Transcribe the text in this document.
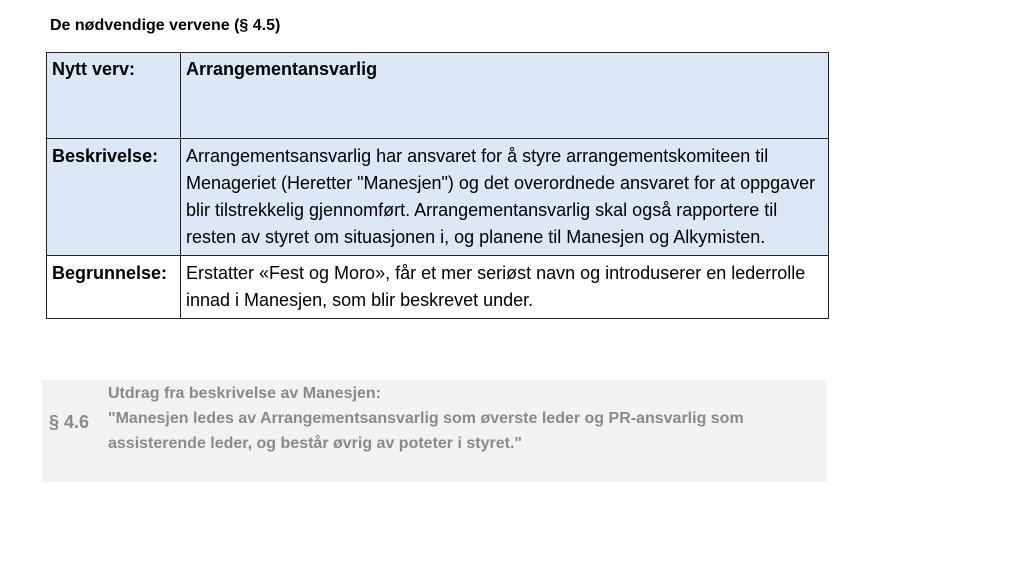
De nødvendige vervene (§ 4.5)
Nytt verv:	Arrangementansvarlig
Beskrivelse:	Arrangementsansvarlig har ansvaret for å styre arrangementskomiteen til Menageriet (Heretter "Manesjen") og det overordnede ansvaret for at oppgaver blir tilstrekkelig gjennomført. Arrangementansvarlig skal også rapportere til resten av styret om situasjonen i, og planene til Manesjen og Alkymisten.
Begrunnelse:	Erstatter «Fest og Moro», får et mer seriøst navn og introduserer en lederrolle innad i Manesjen, som blir beskrevet under.
§ 4.6
Utdrag fra beskrivelse av Manesjen:
"Manesjen ledes av Arrangementsansvarlig som øverste leder og PR-ansvarlig som assisterende leder, og består øvrig av poteter i styret."
